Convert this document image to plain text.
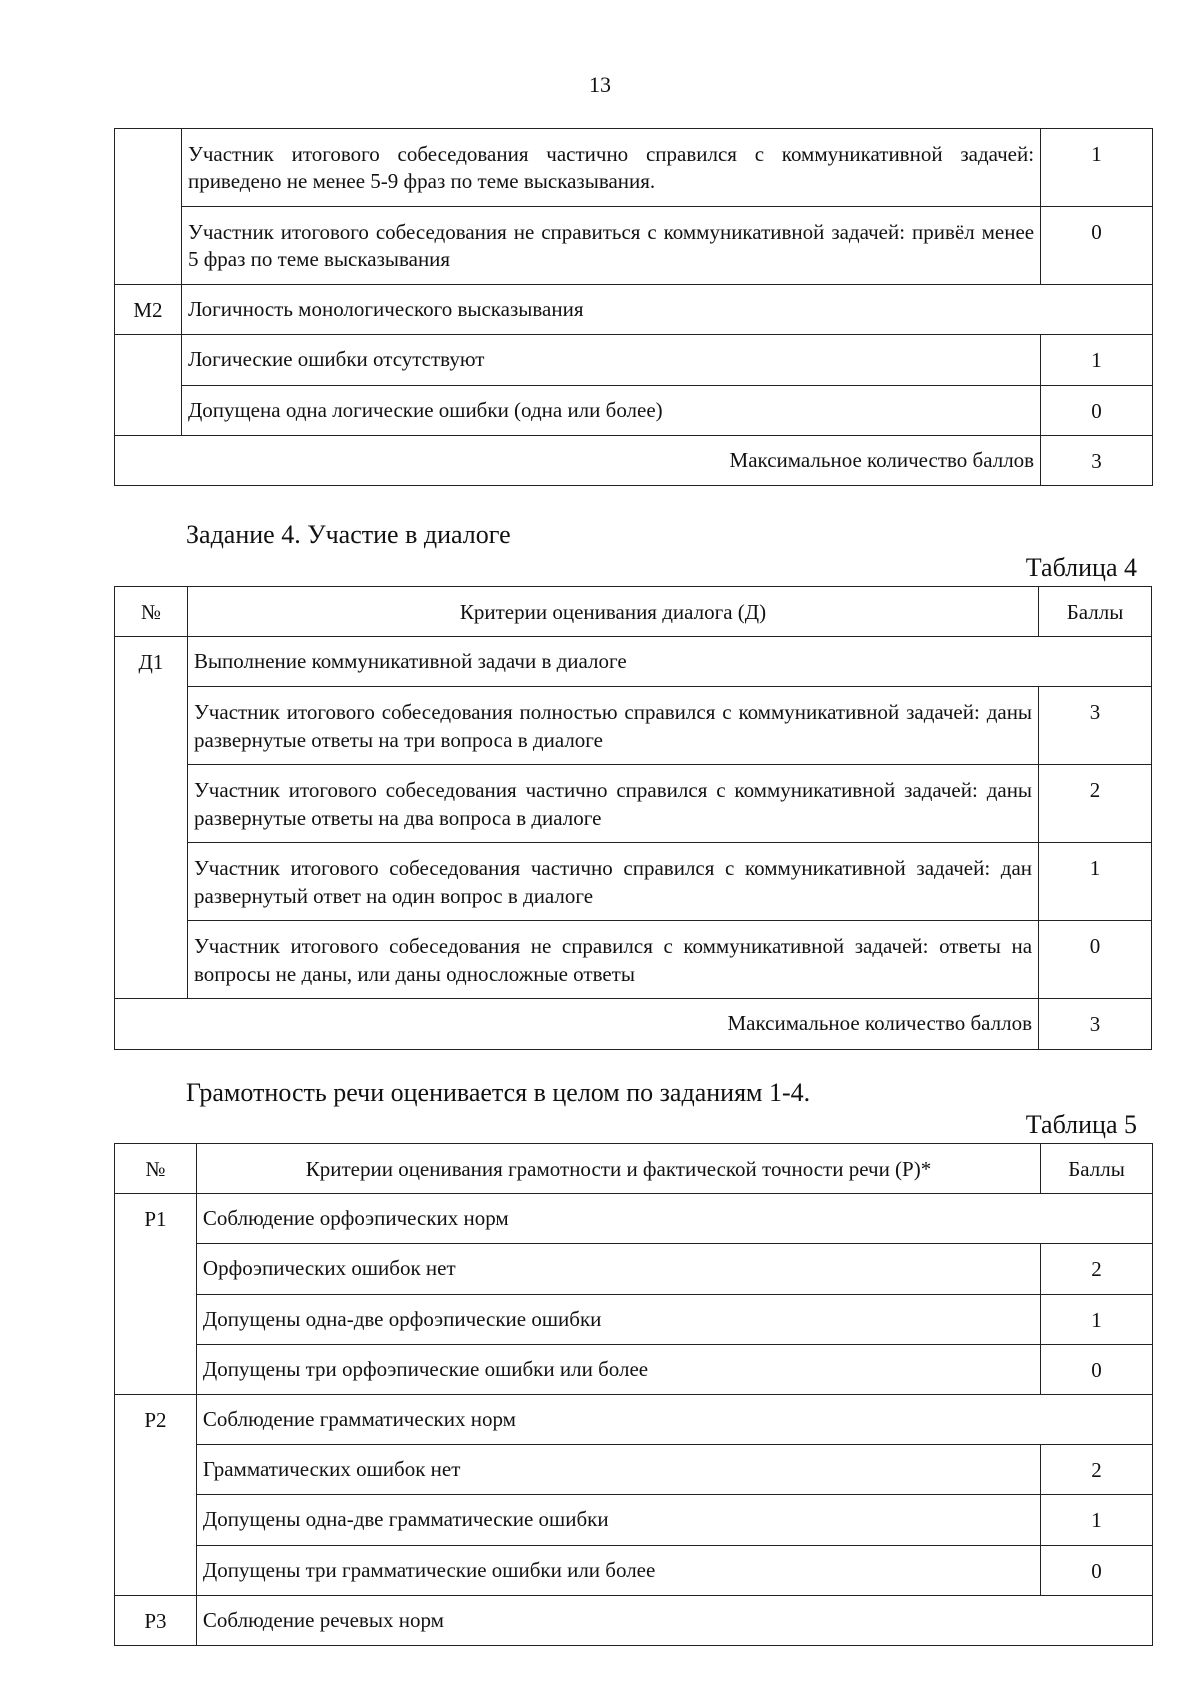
13
	Участник итогового собеседования частично справился с коммуникативной задачей: приведено не менее 5-9 фраз по теме высказывания.	1
	Участник итогового собеседования не справиться с коммуникативной задачей: привёл менее 5 фраз по теме высказывания	0
М2	Логичность монологического высказывания	
	Логические ошибки отсутствуют	1
	Допущена одна логические ошибки (одна или более)	0
Максимальное количество баллов		3
Задание 4. Участие в диалоге
Таблица 4
№	Критерии оценивания диалога (Д)	Баллы
Д1	Выполнение коммуникативной задачи в диалоге	
	Участник итогового собеседования полностью справился с коммуникативной задачей: даны развернутые ответы на три вопроса в диалоге	3
	Участник итогового собеседования частично справился с коммуникативной задачей: даны развернутые ответы на два вопроса в диалоге	2
	Участник итогового собеседования частично справился с коммуникативной задачей: дан развернутый ответ на один вопрос в диалоге	1
	Участник итогового собеседования не справился с коммуникативной задачей: ответы на вопросы не даны, или даны односложные ответы	0
Максимальное количество баллов		3
Грамотность речи оценивается в целом по заданиям 1-4.
Таблица 5
№	Критерии оценивания грамотности и фактической точности речи (Р)*	Баллы
Р1	Соблюдение орфоэпических норм	
	Орфоэпических ошибок нет	2
	Допущены одна-две орфоэпические ошибки	1
	Допущены три орфоэпические ошибки или более	0
Р2	Соблюдение грамматических норм	
	Грамматических ошибок нет	2
	Допущены одна-две грамматические ошибки	1
	Допущены три грамматические ошибки или более	0
Р3	Соблюдение речевых норм	
